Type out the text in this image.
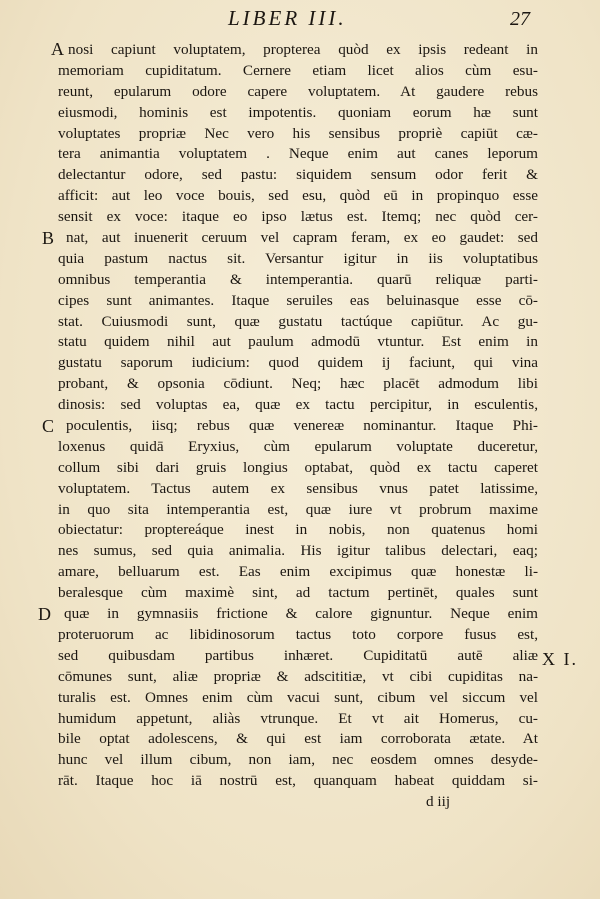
LIBER III.	27
A
B
C
D
X I.
nosi capiunt voluptatem, propterea quòd ex ipsis redeant in
memoriam cupiditatum. Cernere etiam licet alios cùm esu-
reunt, epularum odore capere voluptatem. At gaudere rebus
eiusmodi, hominis est impotentis. quoniam eorum hæ sunt
voluptates propriæ Nec vero his sensibus propriè capiūt cæ-
tera animantia voluptatem . Neque enim aut canes leporum
delectantur odore, sed pastu: siquidem sensum odor ferit &
afficit: aut leo voce bouis, sed esu, quòd eū in propinquo esse
sensit ex voce: itaque eo ipso lætus est. Itemq; nec quòd cer-
nat, aut inuenerit ceruum vel capram feram, ex eo gaudet: sed
quia pastum nactus sit. Versantur igitur in iis voluptatibus
omnibus temperantia & intemperantia. quarū reliquæ parti-
cipes sunt animantes. Itaque seruiles eas beluinasque esse cō-
stat. Cuiusmodi sunt, quæ gustatu tactúque capiūtur. Ac gu-
statu quidem nihil aut paulum admodū vtuntur. Est enim in
gustatu saporum iudicium: quod quidem ij faciunt, qui vina
probant, & opsonia cōdiunt. Neq; hæc placēt admodum libi
dinosis: sed voluptas ea, quæ ex tactu percipitur, in esculentis,
poculentis, iisq; rebus quæ venereæ nominantur. Itaque Phi-
loxenus quidā Eryxius, cùm epularum voluptate duceretur,
collum sibi dari gruis longius optabat, quòd ex tactu caperet
voluptatem. Tactus autem ex sensibus vnus patet latissime,
in quo sita intemperantia est, quæ iure vt probrum maxime
obiectatur: proptereáque inest in nobis, non quatenus homi
nes sumus, sed quia animalia. His igitur talibus delectari, eaq;
amare, belluarum est. Eas enim excipimus quæ honestæ li-
beralesque cùm maximè sint, ad tactum pertinēt, quales sunt
quæ in gymnasiis frictione & calore gignuntur. Neque enim
proteruorum ac libidinosorum tactus toto corpore fusus est,
sed quibusdam partibus inhæret. Cupiditatū autē aliæ
cōmunes sunt, aliæ propriæ & adscititiæ, vt cibi cupiditas na-
turalis est. Omnes enim cùm vacui sunt, cibum vel siccum vel
humidum appetunt, aliàs vtrunque. Et vt ait Homerus, cu-
bile optat adolescens, & qui est iam corroborata ætate. At
hunc vel illum cibum, non iam, nec eosdem omnes desyde-
rāt. Itaque hoc iā nostrū est, quanquam habeat quiddam si-
d iij
